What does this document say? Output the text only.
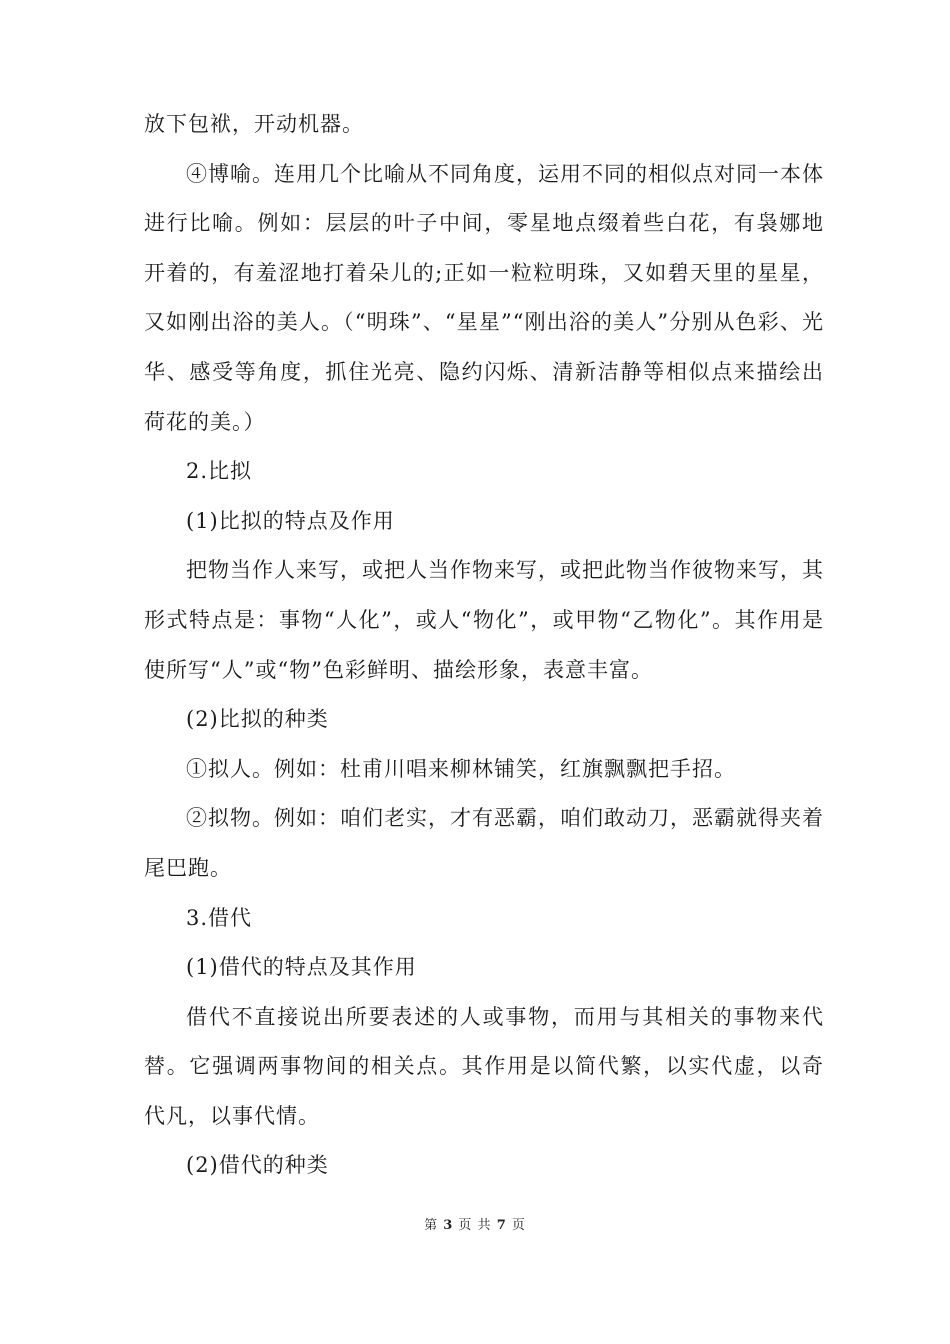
放下包袱，开动机器。

④博喻。连用几个比喻从不同角度，运用不同的相似点对同一本体进行比喻。例如：层层的叶子中间，零星地点缀着些白花，有袅娜地开着的，有羞涩地打着朵儿的;正如一粒粒明珠，又如碧天里的星星，又如刚出浴的美人。（“明珠”、“星星”“刚出浴的美人”分别从色彩、光华、感受等角度，抓住光亮、隐约闪烁、清新洁静等相似点来描绘出荷花的美。）

2.比拟

(1)比拟的特点及作用

把物当作人来写，或把人当作物来写，或把此物当作彼物来写，其形式特点是：事物“人化”，或人“物化”，或甲物“乙物化”。其作用是使所写“人”或“物”色彩鲜明、描绘形象，表意丰富。

(2)比拟的种类

①拟人。例如：杜甫川唱来柳林铺笑，红旗飘飘把手招。

②拟物。例如：咱们老实，才有恶霸，咱们敢动刀，恶霸就得夹着尾巴跑。

3.借代

(1)借代的特点及其作用

借代不直接说出所要表述的人或事物，而用与其相关的事物来代替。它强调两事物间的相关点。其作用是以简代繁，以实代虚，以奇代凡，以事代情。

(2)借代的种类

第 3 页 共 7 页
